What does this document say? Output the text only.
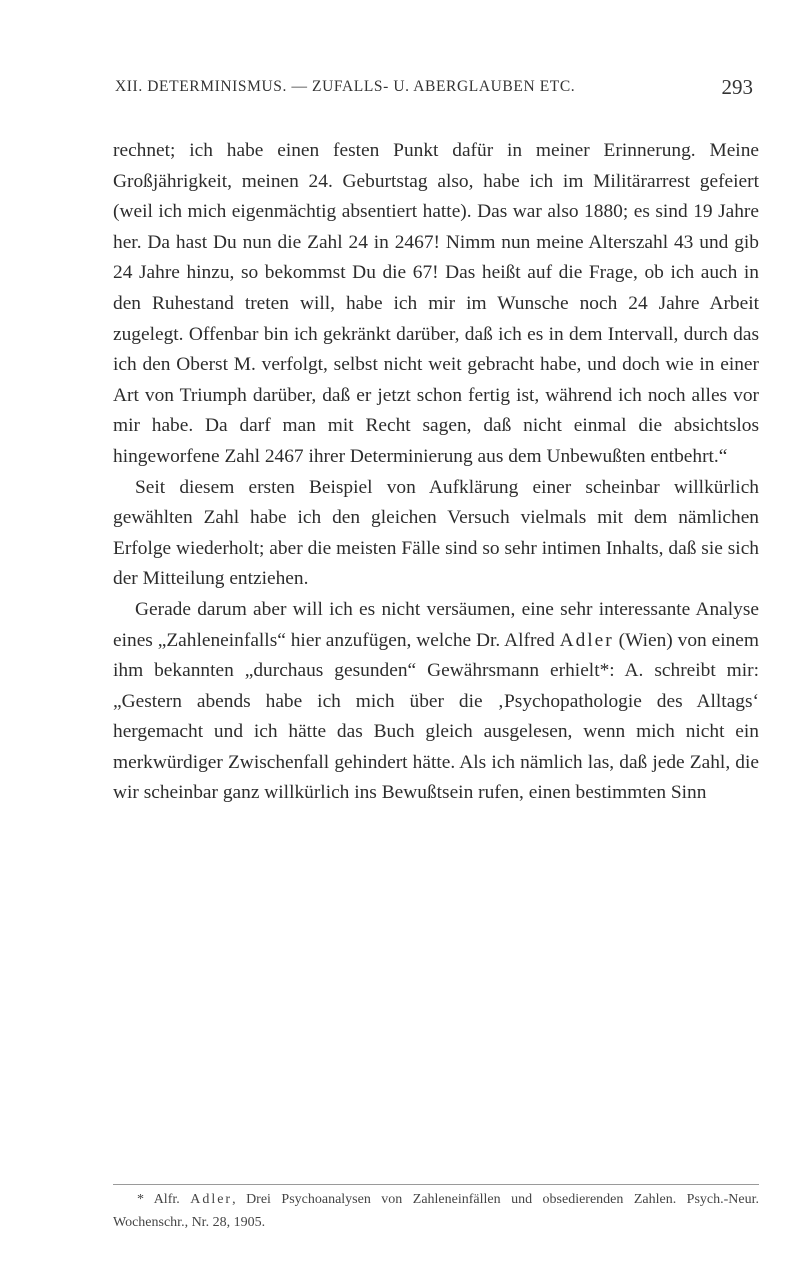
XII. DETERMINISMUS. — ZUFALLS- U. ABERGLAUBEN ETC.	293

rechnet; ich habe einen festen Punkt dafür in meiner Erinnerung. Meine Großjährigkeit, meinen 24. Geburtstag also, habe ich im Militärarrest gefeiert (weil ich mich eigenmächtig absentiert hatte). Das war also 1880; es sind 19 Jahre her. Da hast Du nun die Zahl 24 in 2467! Nimm nun meine Alterszahl 43 und gib 24 Jahre hinzu, so bekommst Du die 67! Das heißt auf die Frage, ob ich auch in den Ruhestand treten will, habe ich mir im Wunsche noch 24 Jahre Arbeit zugelegt. Offenbar bin ich gekränkt darüber, daß ich es in dem Intervall, durch das ich den Oberst M. verfolgt, selbst nicht weit gebracht habe, und doch wie in einer Art von Triumph darüber, daß er jetzt schon fertig ist, während ich noch alles vor mir habe. Da darf man mit Recht sagen, daß nicht einmal die absichtslos hingeworfene Zahl 2467 ihrer Determinierung aus dem Unbewußten entbehrt.“

Seit diesem ersten Beispiel von Aufklärung einer scheinbar willkürlich gewählten Zahl habe ich den gleichen Versuch vielmals mit dem nämlichen Erfolge wiederholt; aber die meisten Fälle sind so sehr intimen Inhalts, daß sie sich der Mitteilung entziehen.

Gerade darum aber will ich es nicht versäumen, eine sehr interessante Analyse eines „Zahleneinfalls“ hier anzufügen, welche Dr. Alfred Adler (Wien) von einem ihm bekannten „durchaus gesunden“ Gewährsmann erhielt*: A. schreibt mir: „Gestern abends habe ich mich über die ‚Psychopathologie des Alltags‘ hergemacht und ich hätte das Buch gleich ausgelesen, wenn mich nicht ein merkwürdiger Zwischenfall gehindert hätte. Als ich nämlich las, daß jede Zahl, die wir scheinbar ganz willkürlich ins Bewußtsein rufen, einen bestimmten Sinn

* Alfr. Adler, Drei Psychoanalysen von Zahleneinfällen und obsedierenden Zahlen. Psych.-Neur. Wochenschr., Nr. 28, 1905.
